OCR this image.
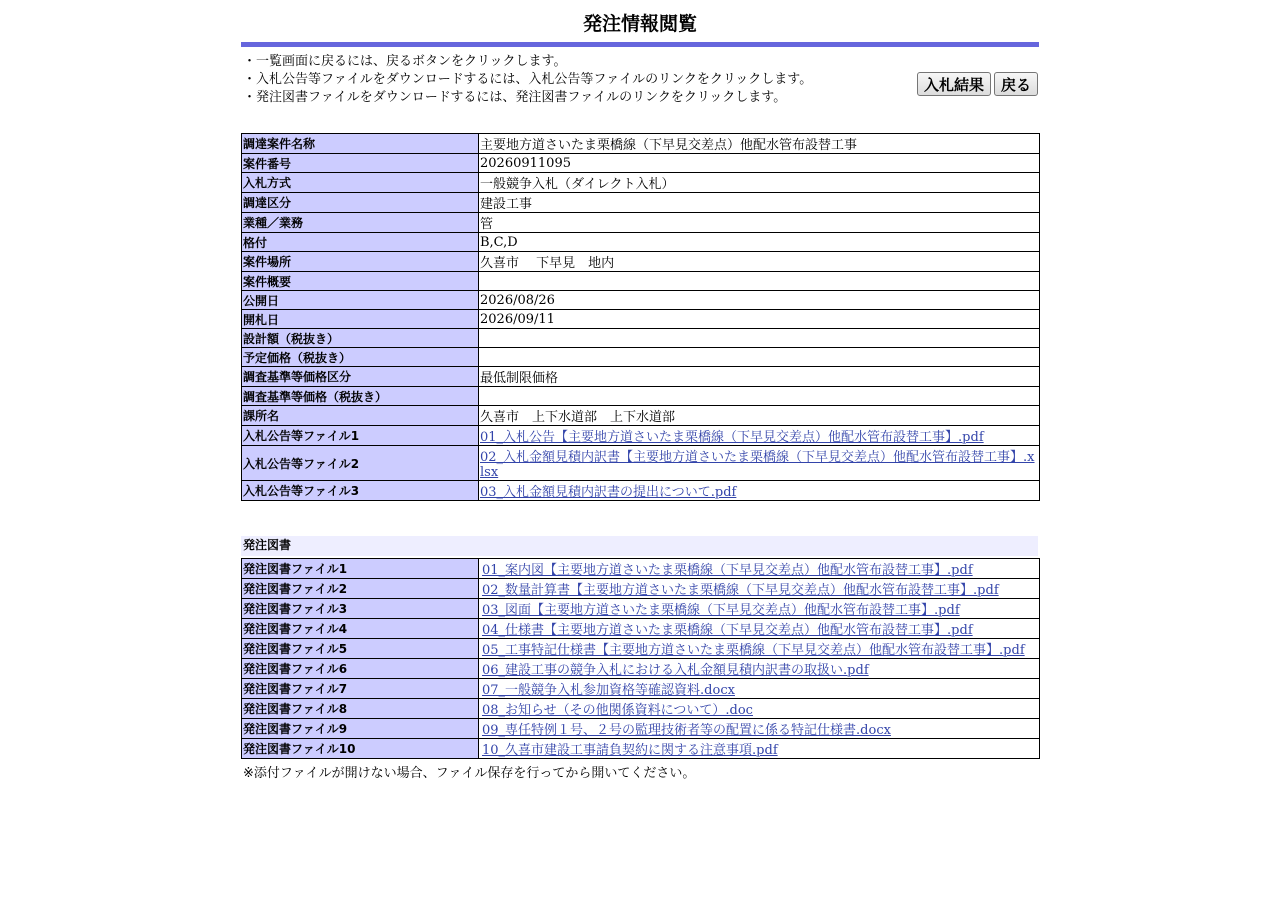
発注情報閲覧
・一覧画面に戻るには、戻るボタンをクリックします。
・入札公告等ファイルをダウンロードするには、入札公告等ファイルのリンクをクリックします。
・発注図書ファイルをダウンロードするには、発注図書ファイルのリンクをクリックします。
入札結果	戻る
調達案件名称	主要地方道さいたま栗橋線（下早見交差点）他配水管布設替工事
案件番号	20260911095
入札方式	一般競争入札（ダイレクト入札）
調達区分	建設工事
業種／業務	管
格付	B,C,D
案件場所	久喜市　 下早見　地内
案件概要	
公開日	2026/08/26
開札日	2026/09/11
設計額（税抜き）	
予定価格（税抜き）	
調査基準等価格区分	最低制限価格
調査基準等価格（税抜き）	
課所名	久喜市　上下水道部　上下水道部
入札公告等ファイル1	01_入札公告【主要地方道さいたま栗橋線（下早見交差点）他配水管布設替工事】.pdf
入札公告等ファイル2	02_入札金額見積内訳書【主要地方道さいたま栗橋線（下早見交差点）他配水管布設替工事】.xlsx
入札公告等ファイル3	03_入札金額見積内訳書の提出について.pdf
発注図書
発注図書ファイル1	01_案内図【主要地方道さいたま栗橋線（下早見交差点）他配水管布設替工事】.pdf
発注図書ファイル2	02_数量計算書【主要地方道さいたま栗橋線（下早見交差点）他配水管布設替工事】.pdf
発注図書ファイル3	03_図面【主要地方道さいたま栗橋線（下早見交差点）他配水管布設替工事】.pdf
発注図書ファイル4	04_仕様書【主要地方道さいたま栗橋線（下早見交差点）他配水管布設替工事】.pdf
発注図書ファイル5	05_工事特記仕様書【主要地方道さいたま栗橋線（下早見交差点）他配水管布設替工事】.pdf
発注図書ファイル6	06_建設工事の競争入札における入札金額見積内訳書の取扱い.pdf
発注図書ファイル7	07_一般競争入札参加資格等確認資料.docx
発注図書ファイル8	08_お知らせ（その他関係資料について）.doc
発注図書ファイル9	09_専任特例１号、２号の監理技術者等の配置に係る特記仕様書.docx
発注図書ファイル10	10_久喜市建設工事請負契約に関する注意事項.pdf
※添付ファイルが開けない場合、ファイル保存を行ってから開いてください。
